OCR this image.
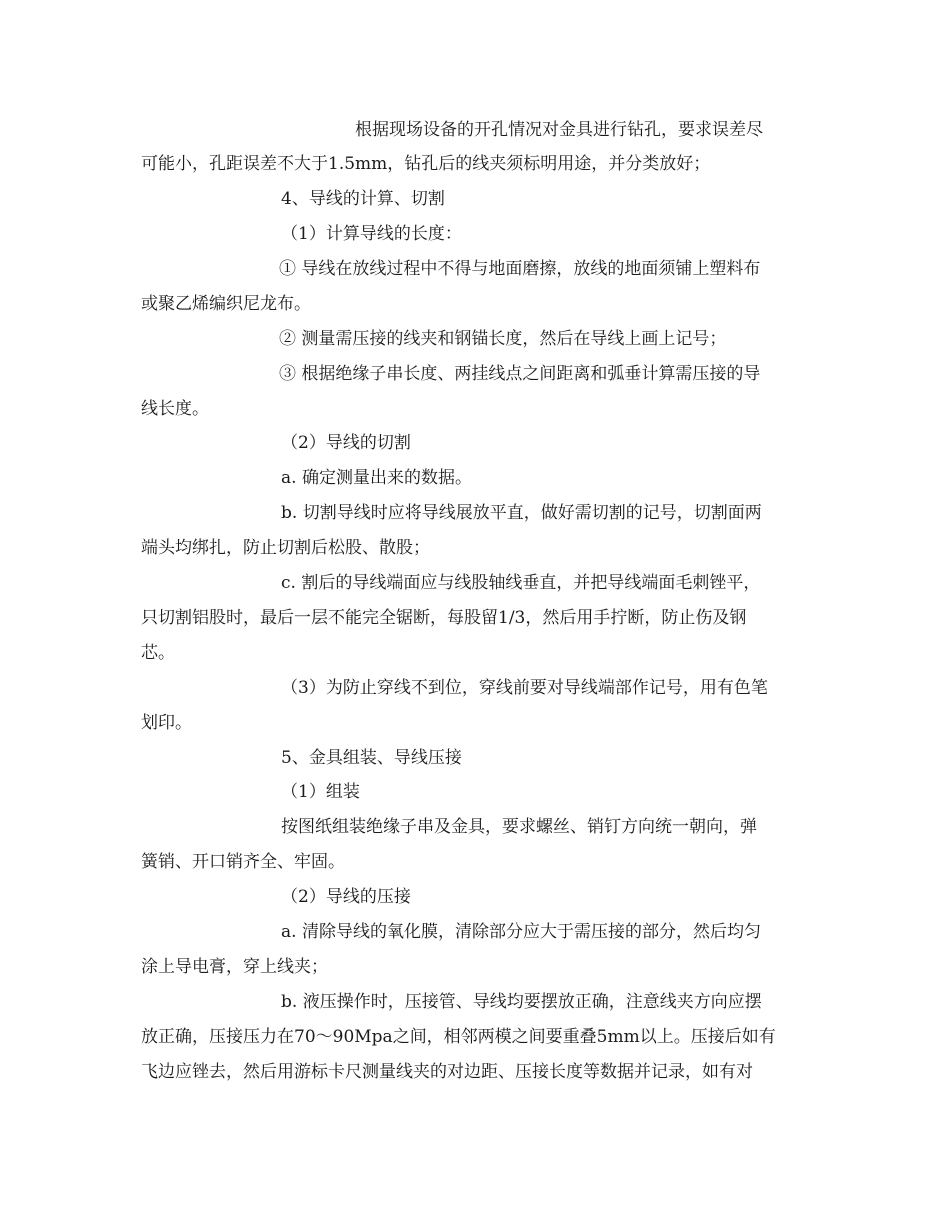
根据现场设备的开孔情况对金具进行钻孔，要求误差尽
可能小，孔距误差不大于1.5mm，钻孔后的线夹须标明用途，并分类放好；
4、导线的计算、切割
（1）计算导线的长度：
① 导线在放线过程中不得与地面磨擦，放线的地面须铺上塑料布
或聚乙烯编织尼龙布。
② 测量需压接的线夹和钢锚长度，然后在导线上画上记号；
③ 根据绝缘子串长度、两挂线点之间距离和弧垂计算需压接的导
线长度。
（2）导线的切割
a. 确定测量出来的数据。
b. 切割导线时应将导线展放平直，做好需切割的记号，切割面两
端头均绑扎，防止切割后松股、散股；
c. 割后的导线端面应与线股轴线垂直，并把导线端面毛刺锉平，
只切割铝股时，最后一层不能完全锯断，每股留1/3，然后用手拧断，防止伤及钢
芯。
（3）为防止穿线不到位，穿线前要对导线端部作记号，用有色笔
划印。
5、金具组装、导线压接
（1）组装
按图纸组装绝缘子串及金具，要求螺丝、销钉方向统一朝向，弹
簧销、开口销齐全、牢固。
（2）导线的压接
a. 清除导线的氧化膜，清除部分应大于需压接的部分，然后均匀
涂上导电膏，穿上线夹；
b. 液压操作时，压接管、导线均要摆放正确，注意线夹方向应摆
放正确，压接压力在70～90Mpa之间，相邻两模之间要重叠5mm以上。压接后如有
飞边应锉去，然后用游标卡尺测量线夹的对边距、压接长度等数据并记录，如有对
